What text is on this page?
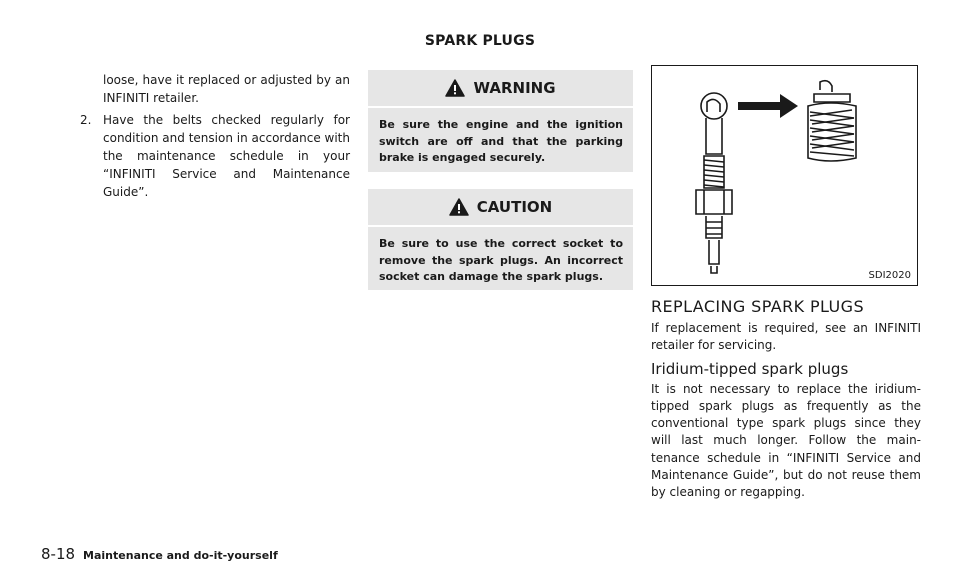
SPARK PLUGS

loose, have it replaced or adjusted by an INFINITI retailer.

2. Have the belts checked regularly for condition and tension in accordance with the maintenance schedule in your “INFINITI Service and Maintenance Guide”.

WARNING
Be sure the engine and the ignition switch are off and that the parking brake is engaged securely.
CAUTION
Be sure to use the correct socket to remove the spark plugs. An incorrect socket can damage the spark plugs.	SDI2020
REPLACING SPARK PLUGS

If replacement is required, see an INFINITI retailer for servicing.

Iridium-tipped spark plugs

It is not necessary to replace the iridium-tipped spark plugs as frequently as the conventional type spark plugs since they will last much longer. Follow the main-tenance schedule in “INFINITI Service and Maintenance Guide”, but do not reuse them by cleaning or regapping.

8-18 Maintenance and do-it-yourself
